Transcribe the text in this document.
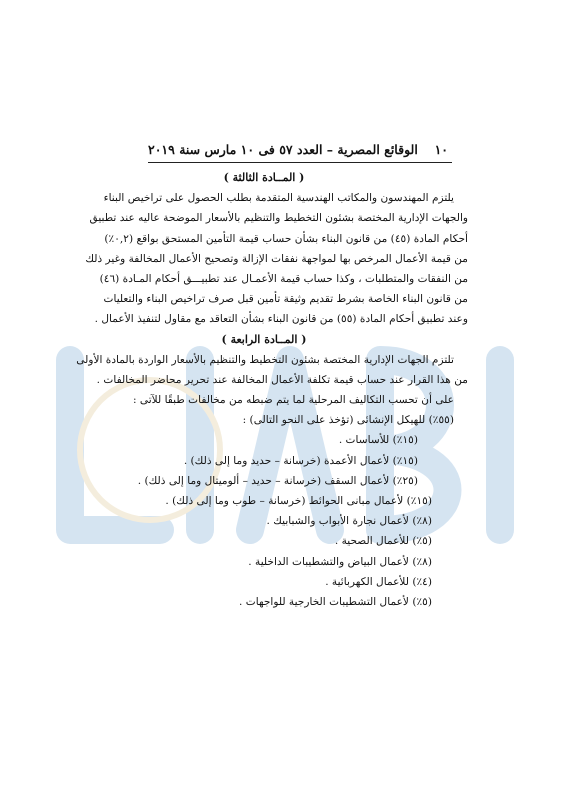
١٠
الوقائع المصرية – العدد ٥٧ فى ١٠ مارس سنة ٢٠١٩
( المــادة الثالثة )
يلتزم المهندسون والمكاتب الهندسية المتقدمة بطلب الحصول على تراخيص البناء
والجهات الإدارية المختصة بشئون التخطيط والتنظيم بالأسعار الموضحة عاليه عند تطبيق
أحكام المادة (٤٥) من قانون البناء بشأن حساب قيمة التأمين المستحق بواقع (٠,٢٪)
من قيمة الأعمال المرخص بها لمواجهة نفقات الإزالة وتصحيح الأعمال المخالفة وغير ذلك
من النفقات والمتطلبات ، وكذا حساب قيمة الأعمـال عند تطبيـــق أحكام المـادة (٤٦)
من قانون البناء الخاصة بشرط تقديم وثيقة تأمين قبل صرف تراخيص البناء والتعليات
وعند تطبيق أحكام المادة (٥٥) من قانون البناء بشأن التعاقد مع مقاول لتنفيذ الأعمال .
( المــادة الرابعة )
تلتزم الجهات الإدارية المختصة بشئون التخطيط والتنظيم بالأسعار الواردة بالمادة الأولى
من هذا القرار عند حساب قيمة تكلفة الأعمال المخالفة عند تحرير محاضر المخالفات .
على أن تحسب التكاليف المرحلية لما يتم ضبطه من مخالفات طبقًا للآتى :
(٥٥٪) للهيكل الإنشائى (تؤخذ على النحو التالى) :
(١٥٪) للأساسات .
(١٥٪) لأعمال الأعمدة (خرسانة – حديد وما إلى ذلك) .
(٢٥٪) لأعمال السقف (خرسانة – حديد – ألوميتال وما إلى ذلك) .
(١٥٪) لأعمال مبانى الحوائط (خرسانة – طوب وما إلى ذلك) .
(٨٪) لأعمال نجارة الأبواب والشبابيك .
(٥٪) للأعمال الصحية .
(٨٪) لأعمال البياض والتشطيبات الداخلية .
(٤٪) للأعمال الكهربائية .
(٥٪) لأعمال التشطيبات الخارجية للواجهات .
